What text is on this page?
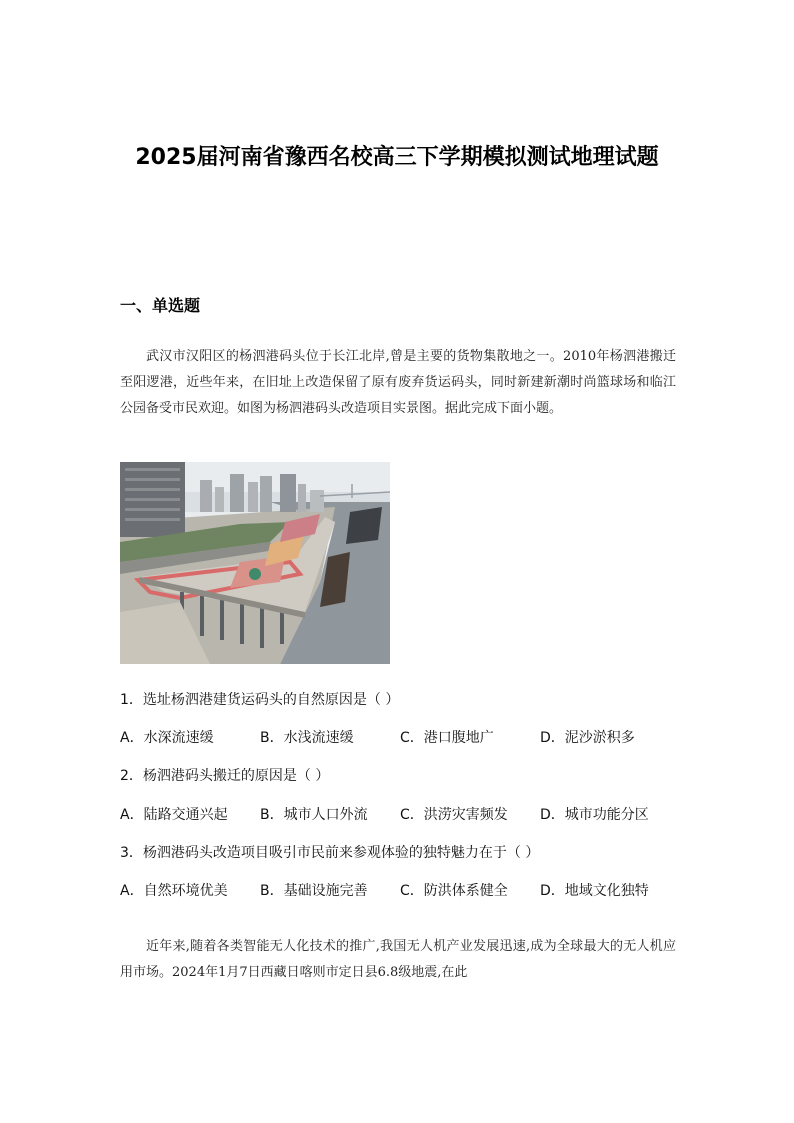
2025届河南省豫西名校高三下学期模拟测试地理试题
一、单选题
武汉市汉阳区的杨泗港码头位于长江北岸,曾是主要的货物集散地之一。2010年杨泗港搬迁至阳逻港，近些年来，在旧址上改造保留了原有废弃货运码头，同时新建新潮时尚篮球场和临江公园备受市民欢迎。如图为杨泗港码头改造项目实景图。据此完成下面小题。
1．选址杨泗港建货运码头的自然原因是（ ）
A．水深流速缓	B．水浅流速缓	C．港口腹地广	D．泥沙淤积多
2．杨泗港码头搬迁的原因是（ ）
A．陆路交通兴起 B．城市人口外流 C．洪涝灾害频发 D．城市功能分区
3．杨泗港码头改造项目吸引市民前来参观体验的独特魅力在于（ ）
A．自然环境优美 B．基础设施完善 C．防洪体系健全 D．地域文化独特
近年来,随着各类智能无人化技术的推广,我国无人机产业发展迅速,成为全球最大的无人机应用市场。2024年1月7日西藏日喀则市定日县6.8级地震,在此
